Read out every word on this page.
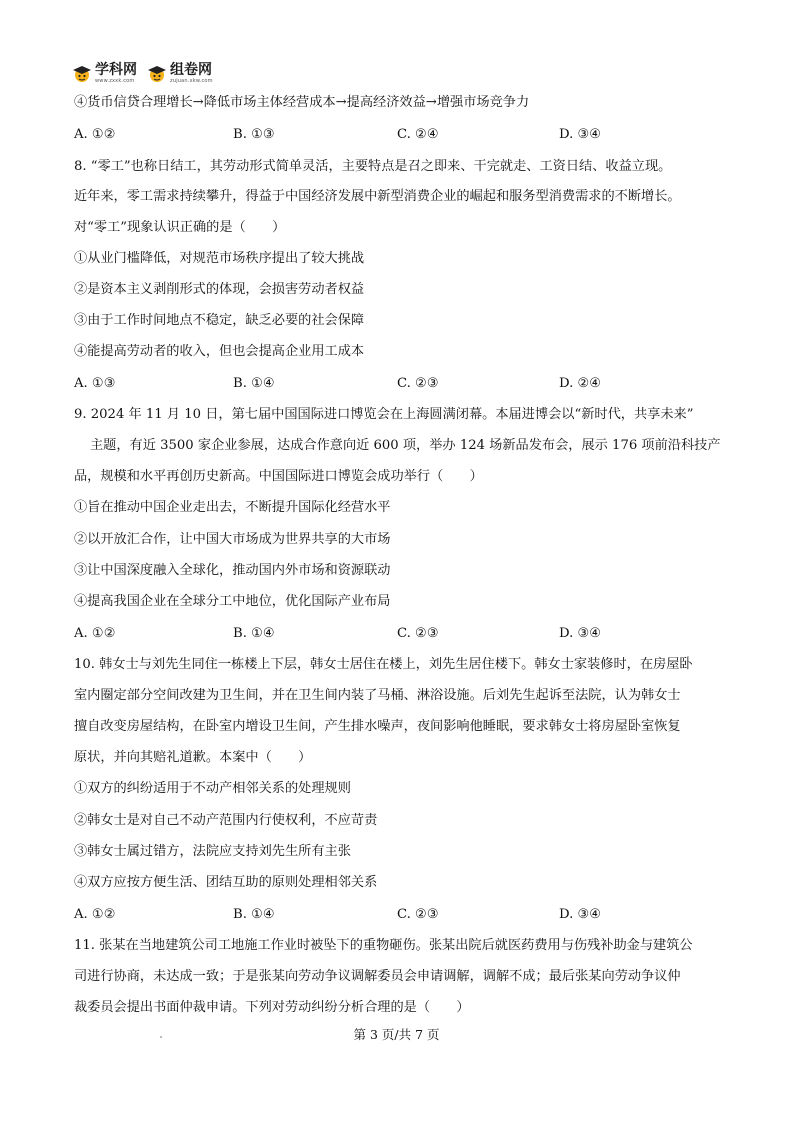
学科网
www.zxxk.com
组卷网
zujuan.xkw.com
④货币信贷合理增长→降低市场主体经营成本→提高经济效益→增强市场竞争力
A. ①②	B. ①③	C. ②④	D. ③④
8. “零工”也称日结工，其劳动形式简单灵活，主要特点是召之即来、干完就走、工资日结、收益立现。
近年来，零工需求持续攀升，得益于中国经济发展中新型消费企业的崛起和服务型消费需求的不断增长。
对“零工”现象认识正确的是（　　）
①从业门槛降低，对规范市场秩序提出了较大挑战
②是资本主义剥削形式的体现，会损害劳动者权益
③由于工作时间地点不稳定，缺乏必要的社会保障
④能提高劳动者的收入，但也会提高企业用工成本
A. ①③	B. ①④	C. ②③	D. ②④
9. 2024 年 11 月 10 日，第七届中国国际进口博览会在上海圆满闭幕。本届进博会以“新时代，共享未来”
主题，有近 3500 家企业参展，达成合作意向近 600 项，举办 124 场新品发布会，展示 176 项前沿科技产
品，规模和水平再创历史新高。中国国际进口博览会成功举行（　　）
①旨在推动中国企业走出去，不断提升国际化经营水平
②以开放汇合作，让中国大市场成为世界共享的大市场
③让中国深度融入全球化，推动国内外市场和资源联动
④提高我国企业在全球分工中地位，优化国际产业布局
A. ①②	B. ①④	C. ②③	D. ③④
10. 韩女士与刘先生同住一栋楼上下层，韩女士居住在楼上，刘先生居住楼下。韩女士家装修时，在房屋卧
室内圈定部分空间改建为卫生间，并在卫生间内装了马桶、淋浴设施。后刘先生起诉至法院，认为韩女士
擅自改变房屋结构，在卧室内增设卫生间，产生排水噪声，夜间影响他睡眠，要求韩女士将房屋卧室恢复
原状，并向其赔礼道歉。本案中（　　）
①双方的纠纷适用于不动产相邻关系的处理规则
②韩女士是对自己不动产范围内行使权利，不应苛责
③韩女士属过错方，法院应支持刘先生所有主张
④双方应按方便生活、团结互助的原则处理相邻关系
A. ①②	B. ①④	C. ②③	D. ③④
11. 张某在当地建筑公司工地施工作业时被坠下的重物砸伤。张某出院后就医药费用与伤残补助金与建筑公
司进行协商，未达成一致；于是张某向劳动争议调解委员会申请调解，调解不成；最后张某向劳动争议仲
裁委员会提出书面仲裁申请。下列对劳动纠纷分析合理的是（　　）
第 3 页/共 7 页
